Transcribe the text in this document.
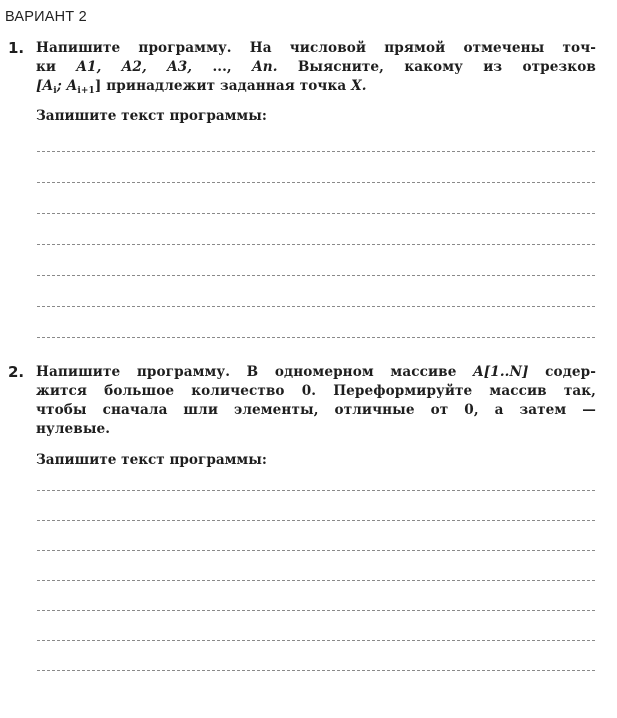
ВАРИАНТ 2
1. Напишите программу. На числовой прямой отмечены точ-
ки A1, A2, A3, ..., An. Выясните, какому из отрезков
[$A_i$; $A_{i+1}$] принадлежит заданная точка X.
Запишите текст программы:
2. Напишите программу. В одномерном массиве A[1..N] содер-
жится большое количество 0. Переформируйте массив так,
чтобы сначала шли элементы, отличные от 0, а затем —
нулевые.
Запишите текст программы:
